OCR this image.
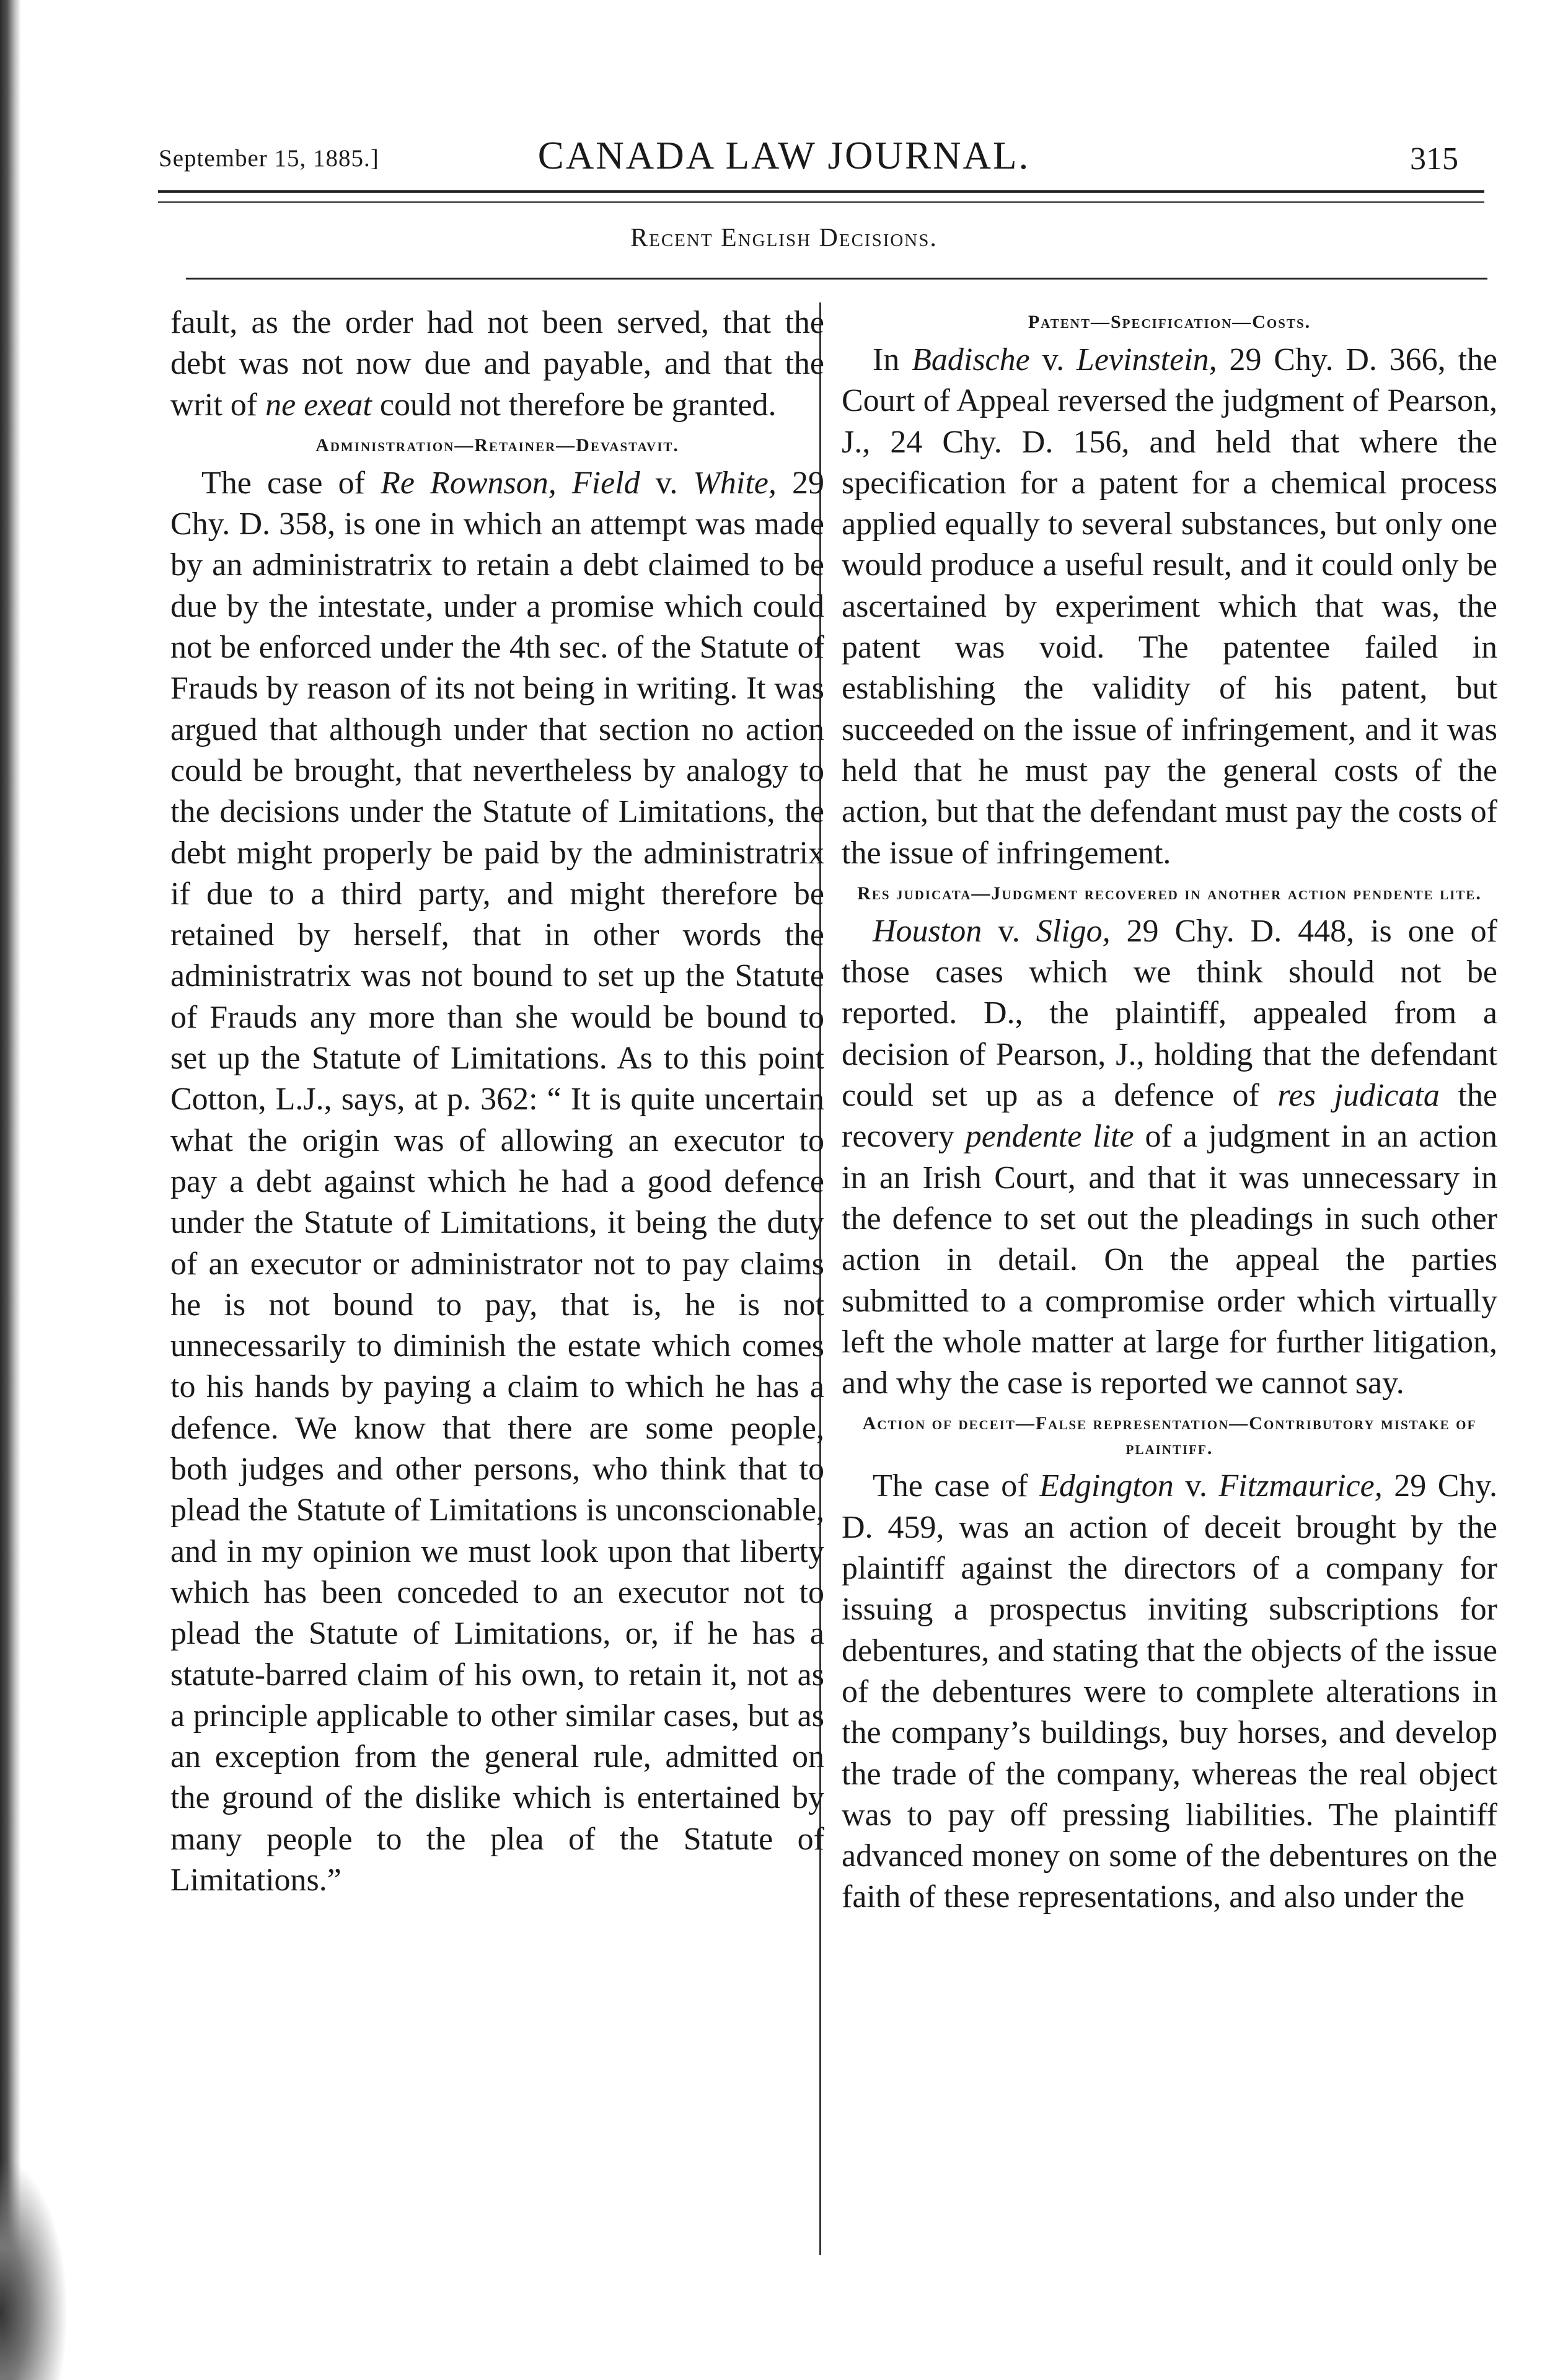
September 15, 1885.]	CANADA LAW JOURNAL.	315
Recent English Decisions.

fault, as the order had not been served, that the debt was not now due and payable, and that the writ of ne exeat could not therefore be granted.

Administration—Retainer—Devastavit.

The case of Re Rownson, Field v. White, 29 Chy. D. 358, is one in which an attempt was made by an administratrix to retain a debt claimed to be due by the intestate, under a promise which could not be enforced under the 4th sec. of the Statute of Frauds by reason of its not being in writing. It was argued that although under that section no action could be brought, that nevertheless by analogy to the decisions under the Statute of Limitations, the debt might properly be paid by the administratrix if due to a third party, and might therefore be retained by herself, that in other words the administratrix was not bound to set up the Statute of Frauds any more than she would be bound to set up the Statute of Limitations. As to this point Cotton, L.J., says, at p. 362: “ It is quite uncertain what the origin was of allowing an executor to pay a debt against which he had a good defence under the Statute of Limitations, it being the duty of an executor or administrator not to pay claims he is not bound to pay, that is, he is not unnecessarily to diminish the estate which comes to his hands by paying a claim to which he has a defence. We know that there are some people, both judges and other persons, who think that to plead the Statute of Limitations is unconscionable, and in my opinion we must look upon that liberty which has been conceded to an executor not to plead the Statute of Limitations, or, if he has a statute-barred claim of his own, to retain it, not as a principle applicable to other similar cases, but as an exception from the general rule, admitted on the ground of the dislike which is entertained by many people to the plea of the Statute of Limitations.”

Patent—Specification—Costs.

In Badische v. Levinstein, 29 Chy. D. 366, the Court of Appeal reversed the judgment of Pearson, J., 24 Chy. D. 156, and held that where the specification for a patent for a chemical process applied equally to several substances, but only one would produce a useful result, and it could only be ascertained by experiment which that was, the patent was void. The patentee failed in establishing the validity of his patent, but succeeded on the issue of infringement, and it was held that he must pay the general costs of the action, but that the defendant must pay the costs of the issue of infringement.

Res judicata—Judgment recovered in another action pendente lite.

Houston v. Sligo, 29 Chy. D. 448, is one of those cases which we think should not be reported. D., the plaintiff, appealed from a decision of Pearson, J., holding that the defendant could set up as a defence of res judicata the recovery pendente lite of a judgment in an action in an Irish Court, and that it was unnecessary in the defence to set out the pleadings in such other action in detail. On the appeal the parties submitted to a compromise order which virtually left the whole matter at large for further litigation, and why the case is reported we cannot say.

Action of deceit—False representation—Contributory mistake of plaintiff.

The case of Edgington v. Fitzmaurice, 29 Chy. D. 459, was an action of deceit brought by the plaintiff against the directors of a company for issuing a prospectus inviting subscriptions for debentures, and stating that the objects of the issue of the debentures were to complete alterations in the company’s buildings, buy horses, and develop the trade of the company, whereas the real object was to pay off pressing liabilities. The plaintiff advanced money on some of the debentures on the faith of these representations, and also under the
